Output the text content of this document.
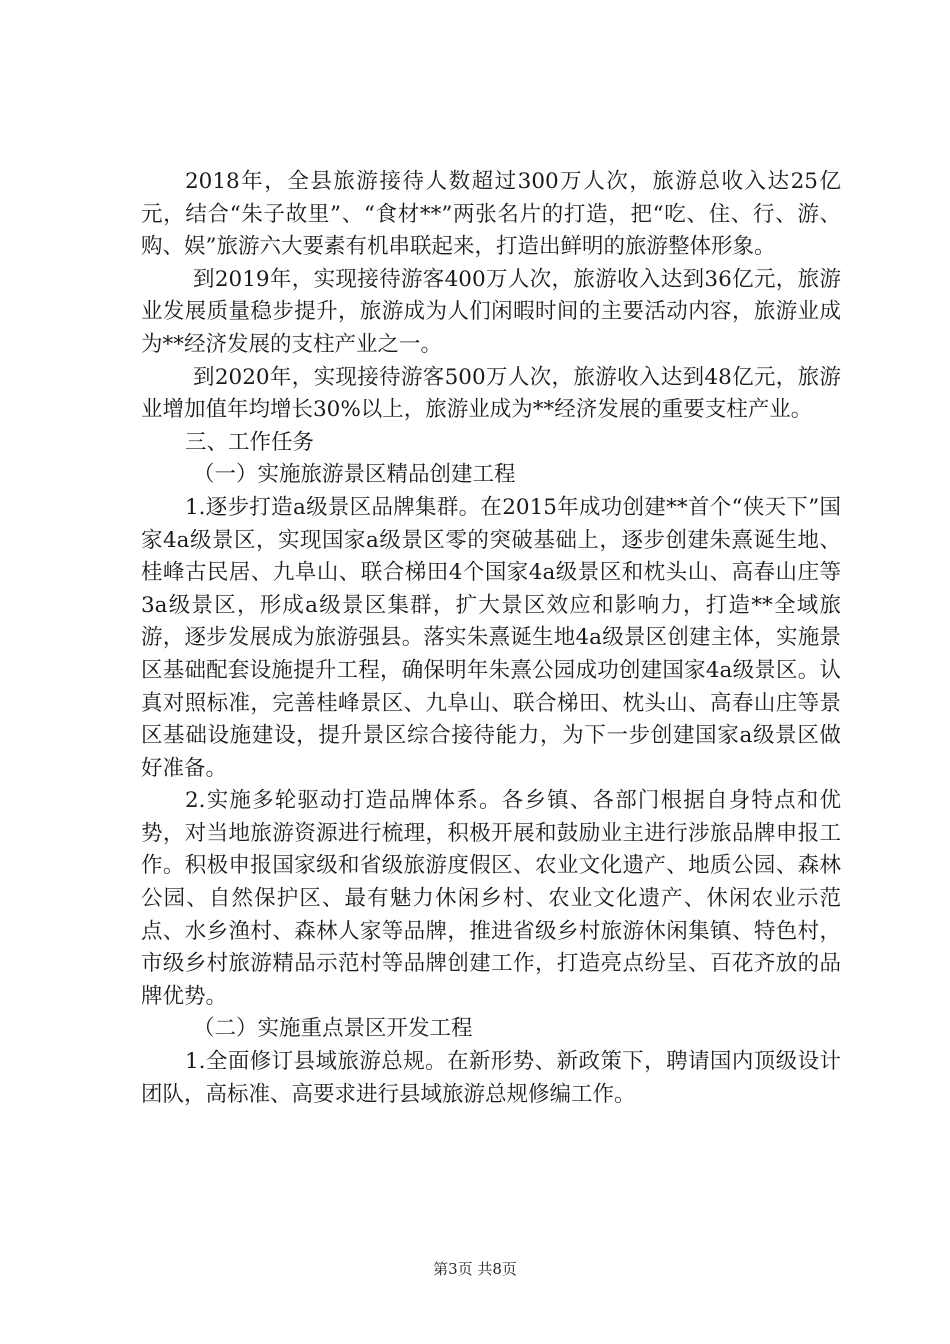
2018年，全县旅游接待人数超过300万人次，旅游总收入达25亿元，结合“朱子故里”、“食材**”两张名片的打造，把“吃、住、行、游、购、娱”旅游六大要素有机串联起来，打造出鲜明的旅游整体形象。

到2019年，实现接待游客400万人次，旅游收入达到36亿元，旅游业发展质量稳步提升，旅游成为人们闲暇时间的主要活动内容，旅游业成为**经济发展的支柱产业之一。

到2020年，实现接待游客500万人次，旅游收入达到48亿元，旅游业增加值年均增长30%以上，旅游业成为**经济发展的重要支柱产业。

三、工作任务

（一）实施旅游景区精品创建工程

1.逐步打造a级景区品牌集群。在2015年成功创建**首个“侠天下”国家4a级景区，实现国家a级景区零的突破基础上，逐步创建朱熹诞生地、桂峰古民居、九阜山、联合梯田4个国家4a级景区和枕头山、高春山庄等3a级景区，形成a级景区集群，扩大景区效应和影响力，打造**全域旅游，逐步发展成为旅游强县。落实朱熹诞生地4a级景区创建主体，实施景区基础配套设施提升工程，确保明年朱熹公园成功创建国家4a级景区。认真对照标准，完善桂峰景区、九阜山、联合梯田、枕头山、高春山庄等景区基础设施建设，提升景区综合接待能力，为下一步创建国家a级景区做好准备。

2.实施多轮驱动打造品牌体系。各乡镇、各部门根据自身特点和优势，对当地旅游资源进行梳理，积极开展和鼓励业主进行涉旅品牌申报工作。积极申报国家级和省级旅游度假区、农业文化遗产、地质公园、森林公园、自然保护区、最有魅力休闲乡村、农业文化遗产、休闲农业示范点、水乡渔村、森林人家等品牌，推进省级乡村旅游休闲集镇、特色村，市级乡村旅游精品示范村等品牌创建工作，打造亮点纷呈、百花齐放的品牌优势。

（二）实施重点景区开发工程

1.全面修订县域旅游总规。在新形势、新政策下，聘请国内顶级设计团队，高标准、高要求进行县域旅游总规修编工作。

第3页 共8页
